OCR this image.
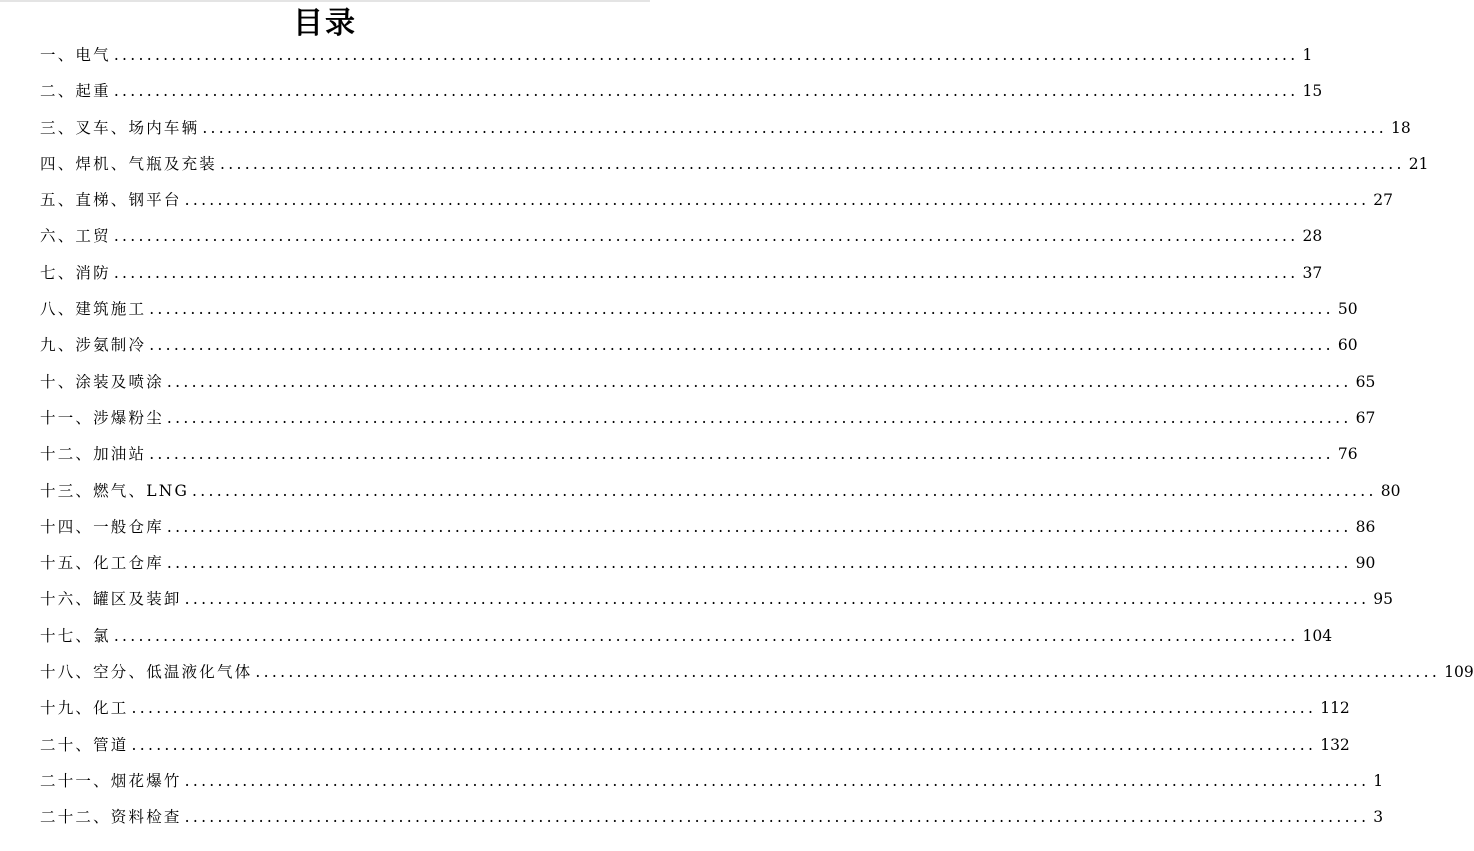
目录
一、电气 ................................................................................................................................................ 1
二、起重 ................................................................................................................................................ 15
三、叉车、场内车辆 ................................................................................................................................................ 18
四、焊机、气瓶及充装 ................................................................................................................................................ 21
五、直梯、钢平台 ................................................................................................................................................ 27
六、工贸 ................................................................................................................................................ 28
七、消防 ................................................................................................................................................ 37
八、建筑施工 ................................................................................................................................................ 50
九、涉氨制冷 ................................................................................................................................................ 60
十、涂装及喷涂 ................................................................................................................................................ 65
十一、涉爆粉尘 ................................................................................................................................................ 67
十二、加油站 ................................................................................................................................................ 76
十三、燃气、LNG ................................................................................................................................................ 80
十四、一般仓库 ................................................................................................................................................ 86
十五、化工仓库 ................................................................................................................................................ 90
十六、罐区及装卸 ................................................................................................................................................ 95
十七、氯 ................................................................................................................................................ 104
十八、空分、低温液化气体 ................................................................................................................................................ 109
十九、化工 ................................................................................................................................................ 112
二十、管道 ................................................................................................................................................ 132
二十一、烟花爆竹 ................................................................................................................................................ 1
二十二、资料检查 ................................................................................................................................................ 3
